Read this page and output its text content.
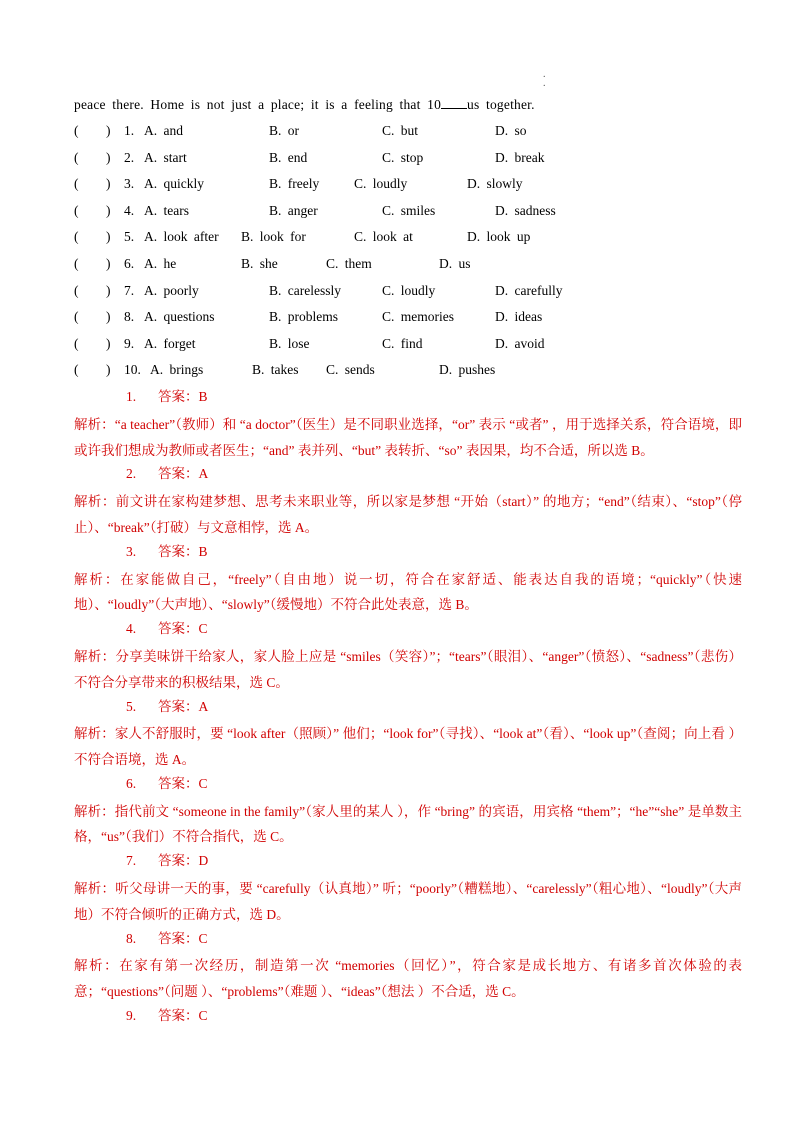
.
.
peace there. Home is not just a place; it is a feeling that 10 us together.
( ) 1. A. and	B. or	C. but	D. so
( ) 2. A. start	B. end	C. stop	D. break
( ) 3. A. quickly	B. freely	C. loudly	D. slowly
( ) 4. A. tears	B. anger	C. smiles	D. sadness
( ) 5. A. look after B. look for	C. look at	D. look up
( ) 6. A. he	B. she	C. them	D. us
( ) 7. A. poorly	B. carelessly	C. loudly	D. carefully
( ) 8. A. questions	B. problems	C. memories	D. ideas
( ) 9. A. forget	B. lose	C. find	D. avoid
( ) 10. A. brings	B. takes C. sends	D. pushes
1. 答案：B

解析：“a teacher”（教师）和 “a doctor”（医生）是不同职业选择，“or” 表示 “或者” ，用于选择关系，符合语境，即或许我们想成为教师或者医生；“and” 表并列、“but” 表转折、“so” 表因果，均不合适，所以选 B。

2. 答案：A

解析：前文讲在家构建梦想、思考未来职业等，所以家是梦想 “开始（start）” 的地方；“end”（结束）、“stop”（停止）、“break”（打破）与文意相悖，选 A。

3. 答案：B

解析：在家能做自己，“freely”（自由地）说一切，符合在家舒适、能表达自我的语境；“quickly”（快速地）、“loudly”（大声地）、“slowly”（缓慢地）不符合此处表意，选 B。

4. 答案：C

解析：分享美味饼干给家人，家人脸上应是 “smiles（笑容）”；“tears”（眼泪）、“anger”（愤怒）、“sadness”（悲伤）不符合分享带来的积极结果，选 C。

5. 答案：A

解析：家人不舒服时，要 “look after（照顾）” 他们；“look for”（寻找）、“look at”（看）、“look up”（查阅；向上看 ）不符合语境，选 A。

6. 答案：C

解析：指代前文 “someone in the family”（家人里的某人 ），作 “bring” 的宾语，用宾格 “them”；“he”“she” 是单数主格，“us”（我们）不符合指代，选 C。

7. 答案：D

解析：听父母讲一天的事，要 “carefully（认真地）” 听；“poorly”（糟糕地）、“carelessly”（粗心地）、“loudly”（大声地）不符合倾听的正确方式，选 D。

8. 答案：C

解析：在家有第一次经历，制造第一次 “memories（回忆）”，符合家是成长地方、有诸多首次体验的表意；“questions”（问题 ）、“problems”（难题 ）、“ideas”（想法 ）不合适，选 C。

9. 答案：C
